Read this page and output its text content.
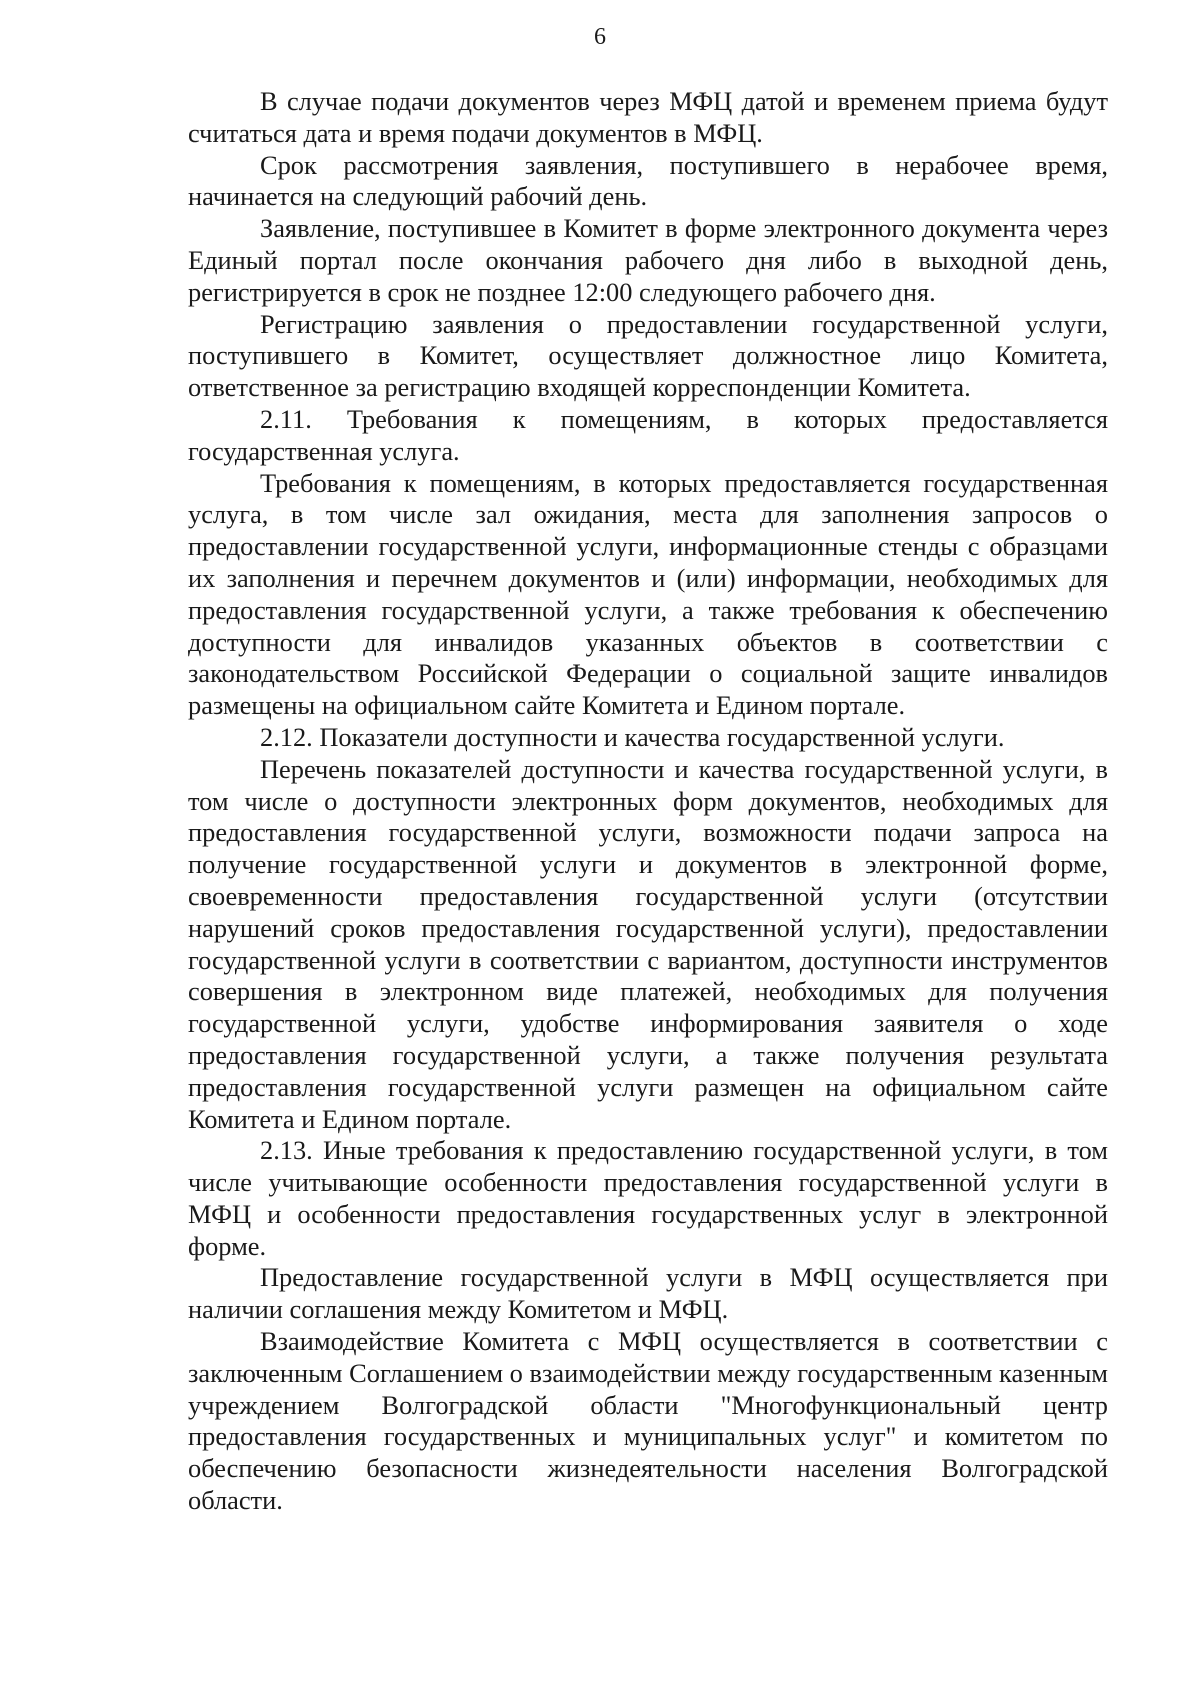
6

В случае подачи документов через МФЦ датой и временем приема будут считаться дата и время подачи документов в МФЦ.

Срок рассмотрения заявления, поступившего в нерабочее время, начинается на следующий рабочий день.

Заявление, поступившее в Комитет в форме электронного документа через Единый портал после окончания рабочего дня либо в выходной день, регистрируется в срок не позднее 12:00 следующего рабочего дня.

Регистрацию заявления о предоставлении государственной услуги, поступившего в Комитет, осуществляет должностное лицо Комитета, ответственное за регистрацию входящей корреспонденции Комитета.

2.11. Требования к помещениям, в которых предоставляется государственная услуга.

Требования к помещениям, в которых предоставляется государственная услуга, в том числе зал ожидания, места для заполнения запросов о предоставлении государственной услуги, информационные стенды с образцами их заполнения и перечнем документов и (или) информации, необходимых для предоставления государственной услуги, а также требования к обеспечению доступности для инвалидов указанных объектов в соответствии с законодательством Российской Федерации о социальной защите инвалидов размещены на официальном сайте Комитета и Едином портале.

2.12. Показатели доступности и качества государственной услуги.

Перечень показателей доступности и качества государственной услуги, в том числе о доступности электронных форм документов, необходимых для предоставления государственной услуги, возможности подачи запроса на получение государственной услуги и документов в электронной форме, своевременности предоставления государственной услуги (отсутствии нарушений сроков предоставления государственной услуги), предоставлении государственной услуги в соответствии с вариантом, доступности инструментов совершения в электронном виде платежей, необходимых для получения государственной услуги, удобстве информирования заявителя о ходе предоставления государственной услуги, а также получения результата предоставления государственной услуги размещен на официальном сайте Комитета и Едином портале.

2.13. Иные требования к предоставлению государственной услуги, в том числе учитывающие особенности предоставления государственной услуги в МФЦ и особенности предоставления государственных услуг в электронной форме.

Предоставление государственной услуги в МФЦ осуществляется при наличии соглашения между Комитетом и МФЦ.

Взаимодействие Комитета с МФЦ осуществляется в соответствии с заключенным Соглашением о взаимодействии между государственным казенным учреждением Волгоградской области "Многофункциональный центр предоставления государственных и муниципальных услуг" и комитетом по обеспечению безопасности жизнедеятельности населения Волгоградской области.
